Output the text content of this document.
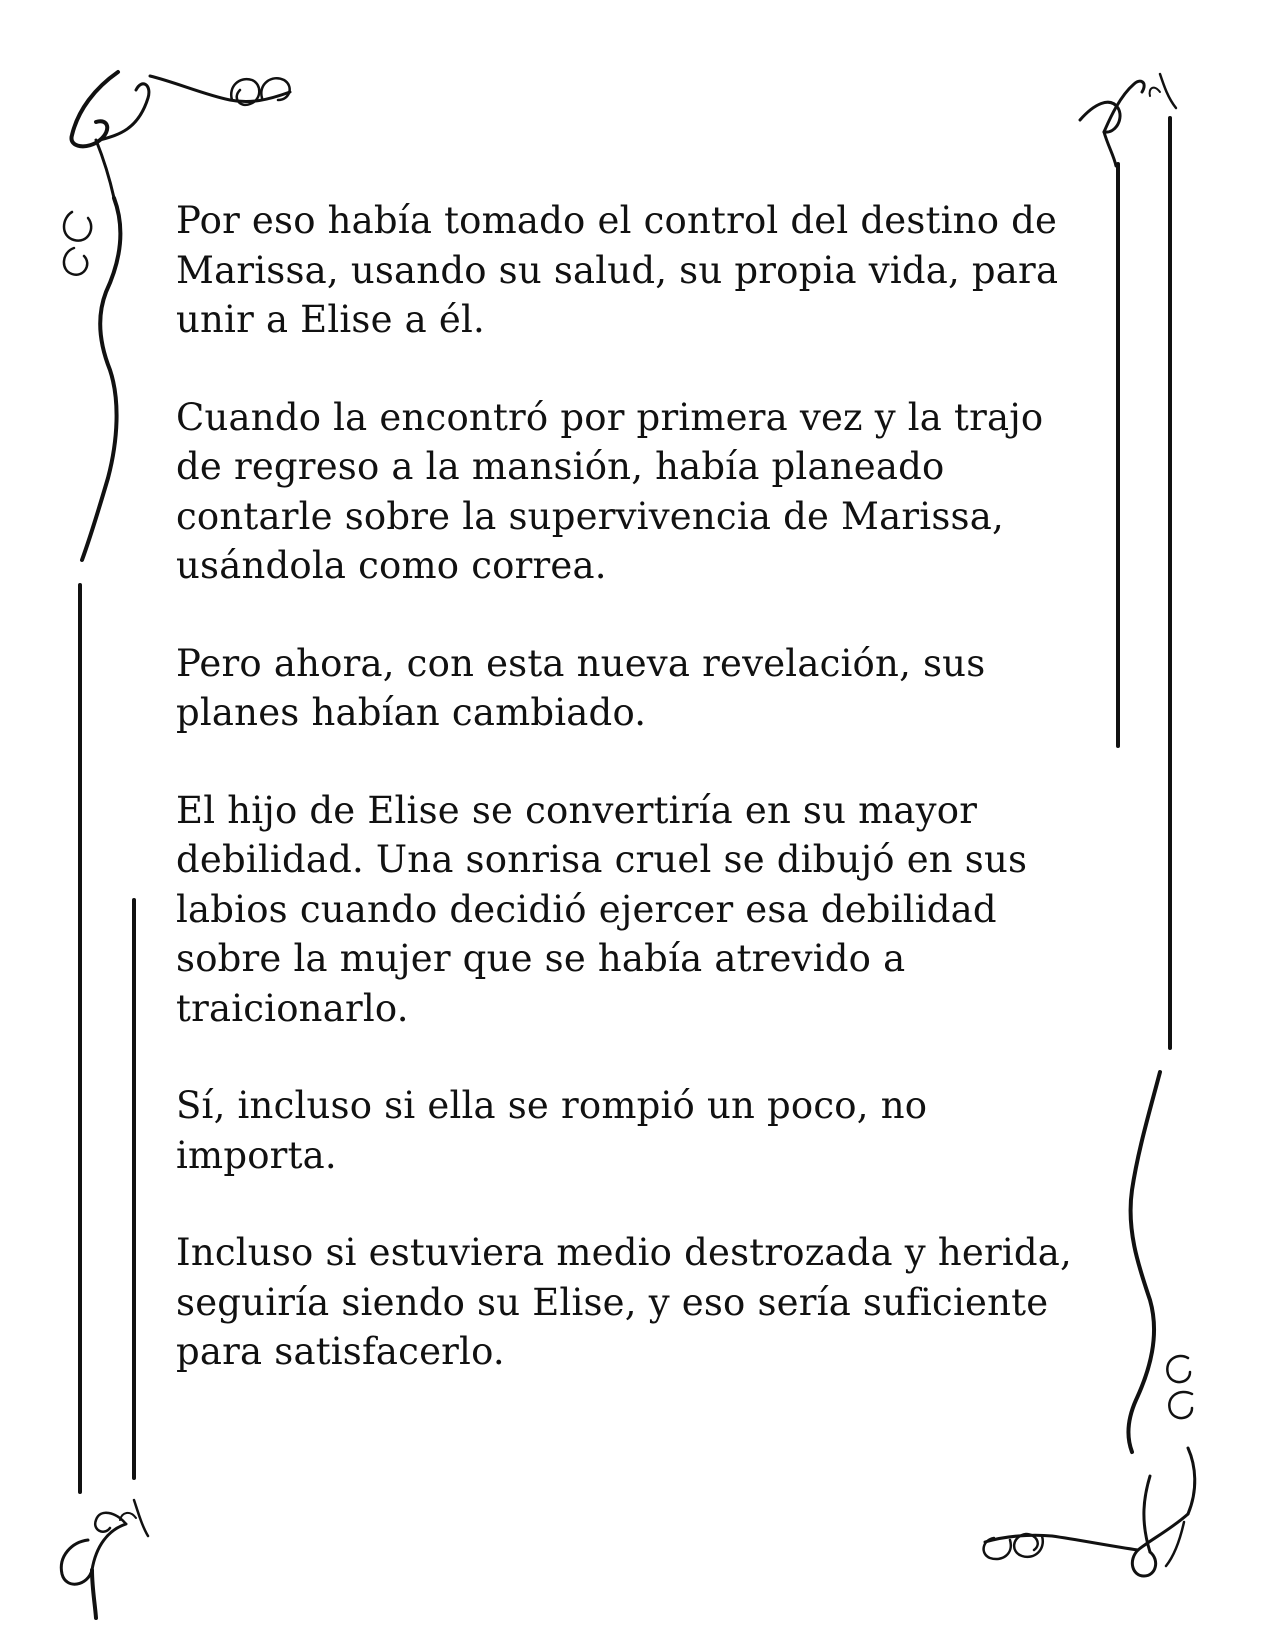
Por eso había tomado el control del destino de
Marissa, usando su salud, su propia vida, para
unir a Elise a él.

Cuando la encontró por primera vez y la trajo
de regreso a la mansión, había planeado
contarle sobre la supervivencia de Marissa,
usándola como correa.

Pero ahora, con esta nueva revelación, sus
planes habían cambiado.

El hijo de Elise se convertiría en su mayor
debilidad. Una sonrisa cruel se dibujó en sus
labios cuando decidió ejercer esa debilidad
sobre la mujer que se había atrevido a
traicionarlo.

Sí, incluso si ella se rompió un poco, no
importa.

Incluso si estuviera medio destrozada y herida,
seguiría siendo su Elise, y eso sería suficiente
para satisfacerlo.
